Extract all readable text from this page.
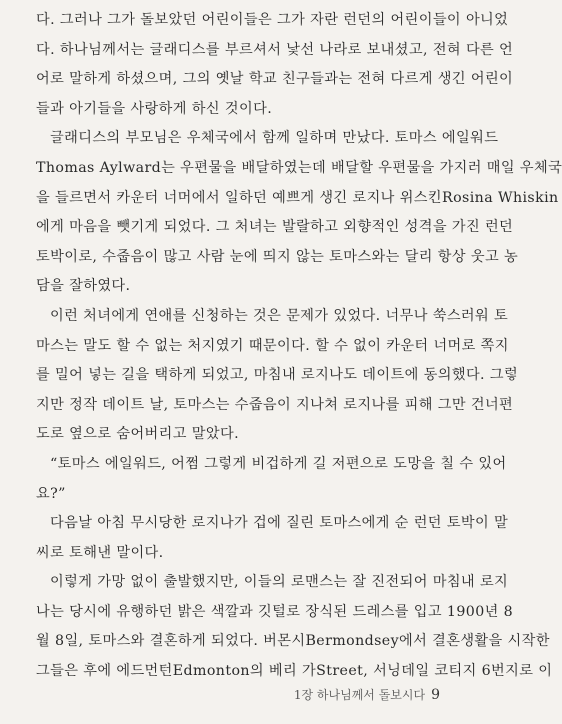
다. 그러나 그가 돌보았던 어린이들은 그가 자란 런던의 어린이들이 아니었
다. 하나님께서는 글래디스를 부르셔서 낯선 나라로 보내셨고, 전혀 다른 언
어로 말하게 하셨으며, 그의 옛날 학교 친구들과는 전혀 다르게 생긴 어린이
들과 아기들을 사랑하게 하신 것이다.
글래디스의 부모님은 우체국에서 함께 일하며 만났다. 토마스 에일워드
Thomas Aylward는 우편물을 배달하였는데 배달할 우편물을 가지러 매일 우체국
을 들르면서 카운터 너머에서 일하던 예쁘게 생긴 로지나 위스킨Rosina Whiskin
에게 마음을 뺏기게 되었다. 그 처녀는 발랄하고 외향적인 성격을 가진 런던
토박이로, 수줍음이 많고 사람 눈에 띄지 않는 토마스와는 달리 항상 웃고 농
담을 잘하였다.
이런 처녀에게 연애를 신청하는 것은 문제가 있었다. 너무나 쑥스러워 토
마스는 말도 할 수 없는 처지였기 때문이다. 할 수 없이 카운터 너머로 쪽지
를 밀어 넣는 길을 택하게 되었고, 마침내 로지나도 데이트에 동의했다. 그렇
지만 정작 데이트 날, 토마스는 수줍음이 지나쳐 로지나를 피해 그만 건너편
도로 옆으로 숨어버리고 말았다.
“토마스 에일워드, 어쩜 그렇게 비겁하게 길 저편으로 도망을 칠 수 있어
요?”
다음날 아침 무시당한 로지나가 겁에 질린 토마스에게 순 런던 토박이 말
씨로 토해낸 말이다.
이렇게 가망 없이 출발했지만, 이들의 로맨스는 잘 진전되어 마침내 로지
나는 당시에 유행하던 밝은 색깔과 깃털로 장식된 드레스를 입고 1900년 8
월 8일, 토마스와 결혼하게 되었다. 버몬시Bermondsey에서 결혼생활을 시작한
그들은 후에 에드먼턴Edmonton의 베리 가Street, 서닝데일 코티지 6번지로 이
1장 하나님께서 돌보시다 9
